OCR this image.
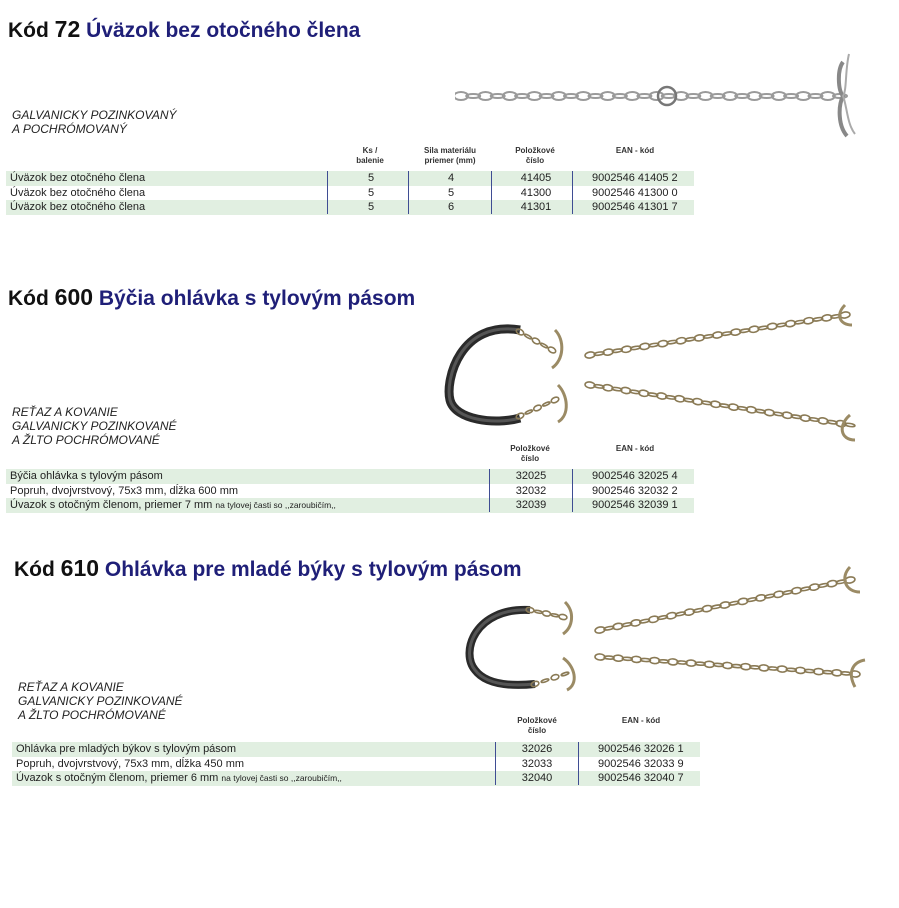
Kód 72 Úväzok bez otočného člena
GALVANICKY POZINKOVANÝ
A POCHRÓMOVANÝ
Ks /
balenie
Sila materiálu
priemer (mm)
Položkové
číslo
EAN - kód
Úväzok bez otočného člena	5	4	41405	9002546 41405 2
Úväzok bez otočného člena	5	5	41300	9002546 41300 0
Úväzok bez otočného člena	5	6	41301	9002546 41301 7
Kód 600 Býčia ohlávka s tylovým pásom
REŤAZ A KOVANIE
GALVANICKY POZINKOVANÉ
A ŽLTO POCHRÓMOVANÉ
Položkové
číslo
EAN - kód
Býčia ohlávka s tylovým pásom	32025	9002546 32025 4
Popruh, dvojvrstvový, 75x3 mm, dĺžka 600 mm	32032	9002546 32032 2
Úvazok s otočným členom, priemer 7 mm na tylovej časti so ,,zaroubičím,,	32039	9002546 32039 1
Kód 610 Ohlávka pre mladé býky s tylovým pásom
REŤAZ A KOVANIE
GALVANICKY POZINKOVANÉ
A ŽLTO POCHRÓMOVANÉ	Položkové
číslo
EAN - kód
Ohlávka pre mladých býkov s tylovým pásom	32026	9002546 32026 1
Popruh, dvojvrstvový, 75x3 mm, dĺžka 450 mm	32033	9002546 32033 9
Úvazok s otočným členom, priemer 6 mm na tylovej časti so ,,zaroubičím,,	32040	9002546 32040 7
